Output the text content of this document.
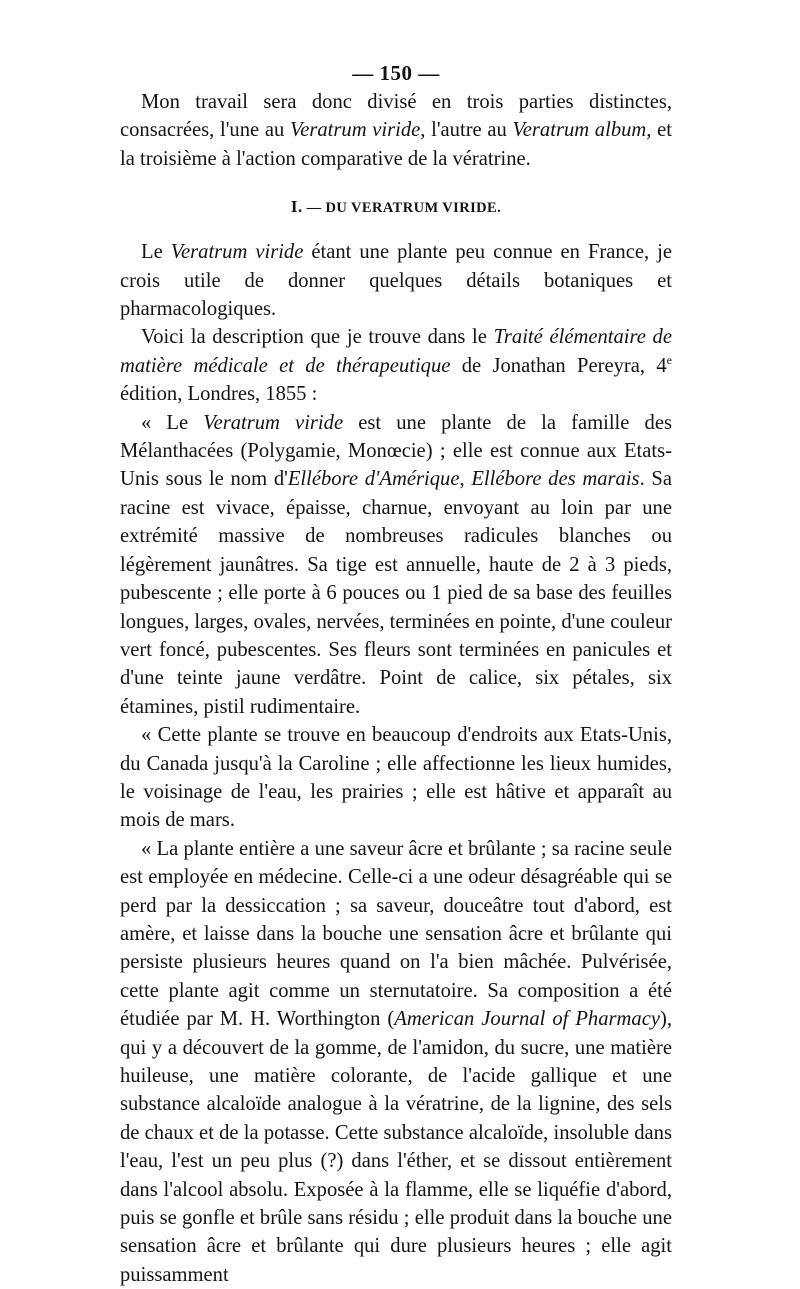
— 150 —

Mon travail sera donc divisé en trois parties distinctes, consacrées, l'une au Veratrum viride, l'autre au Veratrum album, et la troisième à l'action comparative de la vératrine.

I. — DU VERATRUM VIRIDE.

Le Veratrum viride étant une plante peu connue en France, je crois utile de donner quelques détails botaniques et pharmacologiques.

Voici la description que je trouve dans le Traité élémentaire de matière médicale et de thérapeutique de Jonathan Pereyra, 4e édition, Londres, 1855 :

« Le Veratrum viride est une plante de la famille des Mélanthacées (Polygamie, Monœcie) ; elle est connue aux Etats-Unis sous le nom d'Ellébore d'Amérique, Ellébore des marais. Sa racine est vivace, épaisse, charnue, envoyant au loin par une extrémité massive de nombreuses radicules blanches ou légèrement jaunâtres. Sa tige est annuelle, haute de 2 à 3 pieds, pubescente ; elle porte à 6 pouces ou 1 pied de sa base des feuilles longues, larges, ovales, nervées, terminées en pointe, d'une couleur vert foncé, pubescentes. Ses fleurs sont terminées en panicules et d'une teinte jaune verdâtre. Point de calice, six pétales, six étamines, pistil rudimentaire.

« Cette plante se trouve en beaucoup d'endroits aux Etats-Unis, du Canada jusqu'à la Caroline ; elle affectionne les lieux humides, le voisinage de l'eau, les prairies ; elle est hâtive et apparaît au mois de mars.

« La plante entière a une saveur âcre et brûlante ; sa racine seule est employée en médecine. Celle-ci a une odeur désagréable qui se perd par la dessiccation ; sa saveur, douceâtre tout d'abord, est amère, et laisse dans la bouche une sensation âcre et brûlante qui persiste plusieurs heures quand on l'a bien mâchée. Pulvérisée, cette plante agit comme un sternutatoire. Sa composition a été étudiée par M. H. Worthington (American Journal of Pharmacy), qui y a découvert de la gomme, de l'amidon, du sucre, une matière huileuse, une matière colorante, de l'acide gallique et une substance alcaloïde analogue à la vératrine, de la lignine, des sels de chaux et de la potasse. Cette substance alcaloïde, insoluble dans l'eau, l'est un peu plus (?) dans l'éther, et se dissout entièrement dans l'alcool absolu. Exposée à la flamme, elle se liquéfie d'abord, puis se gonfle et brûle sans résidu ; elle produit dans la bouche une sensation âcre et brûlante qui dure plusieurs heures ; elle agit puissamment
